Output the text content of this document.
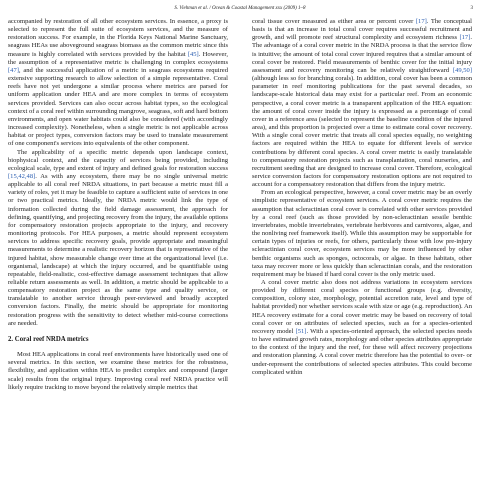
S. Viehman et al. / Ocean & Coastal Management xxx (2009) 1–8	3

accompanied by restoration of all other ecosystem services. In essence, a proxy is selected to represent the full suite of ecosystem services, and the measure of restoration success. For example, in the Florida Keys National Marine Sanctuary, seagrass HEAs use aboveground seagrass biomass as the common metric since this measure is highly correlated with services provided by the habitat [45]. However, the assumption of a representative metric is challenging in complex ecosystems [47], and the successful application of a metric in seagrass ecosystems required extensive supporting research to allow selection of a simple representative. Coral reefs have not yet undergone a similar process where metrics are parsed for uniform application under HEA and are more complex in terms of ecosystem services provided. Services can also occur across habitat types, so the ecological context of a coral reef within surrounding mangrove, seagrass, soft and hard bottom environments, and open water habitats could also be considered (with accordingly increased complexity). Nonetheless, when a single metric is not applicable across habitat or project types, conversion factors may be used to translate measurement of one component's services into equivalents of the other component.

The applicability of a specific metric depends upon landscape context, biophysical context, and the capacity of services being provided, including ecological scale, type and extent of injury and defined goals for restoration success [15,42,48]. As with any ecosystem, there may be no single universal metric applicable to all coral reef NRDA situations, in part because a metric must fill a variety of roles, yet it may be feasible to capture a sufficient suite of services in one or two practical metrics. Ideally, the NRDA metric would link the type of information collected during the field damage assessment, the approach for defining, quantifying, and projecting recovery from the injury, the available options for compensatory restoration projects appropriate to the injury, and recovery monitoring protocols. For HEA purposes, a metric should represent ecosystem services to address specific recovery goals, provide appropriate and meaningful measurements to determine a realistic recovery horizon that is representative of the injured habitat, show measurable change over time at the organizational level (i.e. organismal, landscape) at which the injury occurred, and be quantifiable using repeatable, field-realistic, cost-effective damage assessment techniques that allow reliable return assessments as well. In addition, a metric should be applicable to a compensatory restoration project as the same type and quality service, or translatable to another service through peer-reviewed and broadly accepted conversion factors. Finally, the metric should be appropriate for monitoring restoration progress with the sensitivity to detect whether mid-course corrections are needed.

2. Coral reef NRDA metrics

Most HEA applications in coral reef environments have historically used one of several metrics. In this section, we examine these metrics for the robustness, flexibility, and application within HEA to predict complex and compound (larger scale) results from the original injury. Improving coral reef NRDA practice will likely require tracking to move beyond the relatively simple metrics that

coral tissue cover measured as either area or percent cover [17]. The conceptual basis is that an increase in total coral cover requires successful recruitment and growth, and will promote reef structural complexity and ecosystem richness [17]. The advantage of a coral cover metric in the NRDA process is that the service flow is intuitive; the amount of total coral cover injured requires that a similar amount of coral cover be restored. Field measurements of benthic cover for the initial injury assessment and recovery monitoring can be relatively straightforward [49,50] (although less so for branching corals). In addition, coral cover has been a common parameter in reef monitoring publications for the past several decades, so landscape-scale historical data may exist for a particular reef. From an economic perspective, a coral cover metric is a transparent application of the HEA equation: the amount of coral cover inside the injury is expressed as a percentage of coral cover in a reference area (selected to represent the baseline condition of the injured area), and this proportion is projected over a time to estimate coral cover recovery. With a single coral cover metric that treats all coral species equally, no weighting factors are required within the HEA to equate for different levels of service contributions by different coral species. A coral cover metric is easily translatable to compensatory restoration projects such as transplantation, coral nurseries, and recruitment seeding that are designed to increase coral cover. Therefore, ecological service conversion factors for compensatory restoration options are not required to account for a compensatory restoration that differs from the injury metric.

From an ecological perspective, however, a coral cover metric may be an overly simplistic representative of ecosystem services. A coral cover metric requires the assumption that scleractinian coral cover is correlated with other services provided by a coral reef (such as those provided by non-scleractinian sessile benthic invertebrates, mobile invertebrates, vertebrate herbivores and carnivores, algae, and the nonliving reef framework itself). While this assumption may be supportable for certain types of injuries or reefs, for others, particularly those with low pre-injury scleractinian coral cover, ecosystem services may be more influenced by other benthic organisms such as sponges, octocorals, or algae. In these habitats, other taxa may recover more or less quickly than scleractinian corals, and the restoration requirement may be biased if hard coral cover is the only metric used.

A coral cover metric also does not address variations in ecosystem services provided by different coral species or functional groups (e.g. diversity, composition, colony size, morphology, potential accretion rate, level and type of habitat provided) nor whether services scale with size or age (e.g. reproduction). An HEA recovery estimate for a coral cover metric may be based on recovery of total coral cover or on attributes of selected species, such as for a species-oriented recovery model [51]. With a species-oriented approach, the selected species needs to have estimated growth rates, morphology and other species attributes appropriate to the context of the injury and the reef, for these will affect recovery projections and restoration planning. A coral cover metric therefore has the potential to over- or under-represent the contributions of selected species attributes. This could become complicated within
